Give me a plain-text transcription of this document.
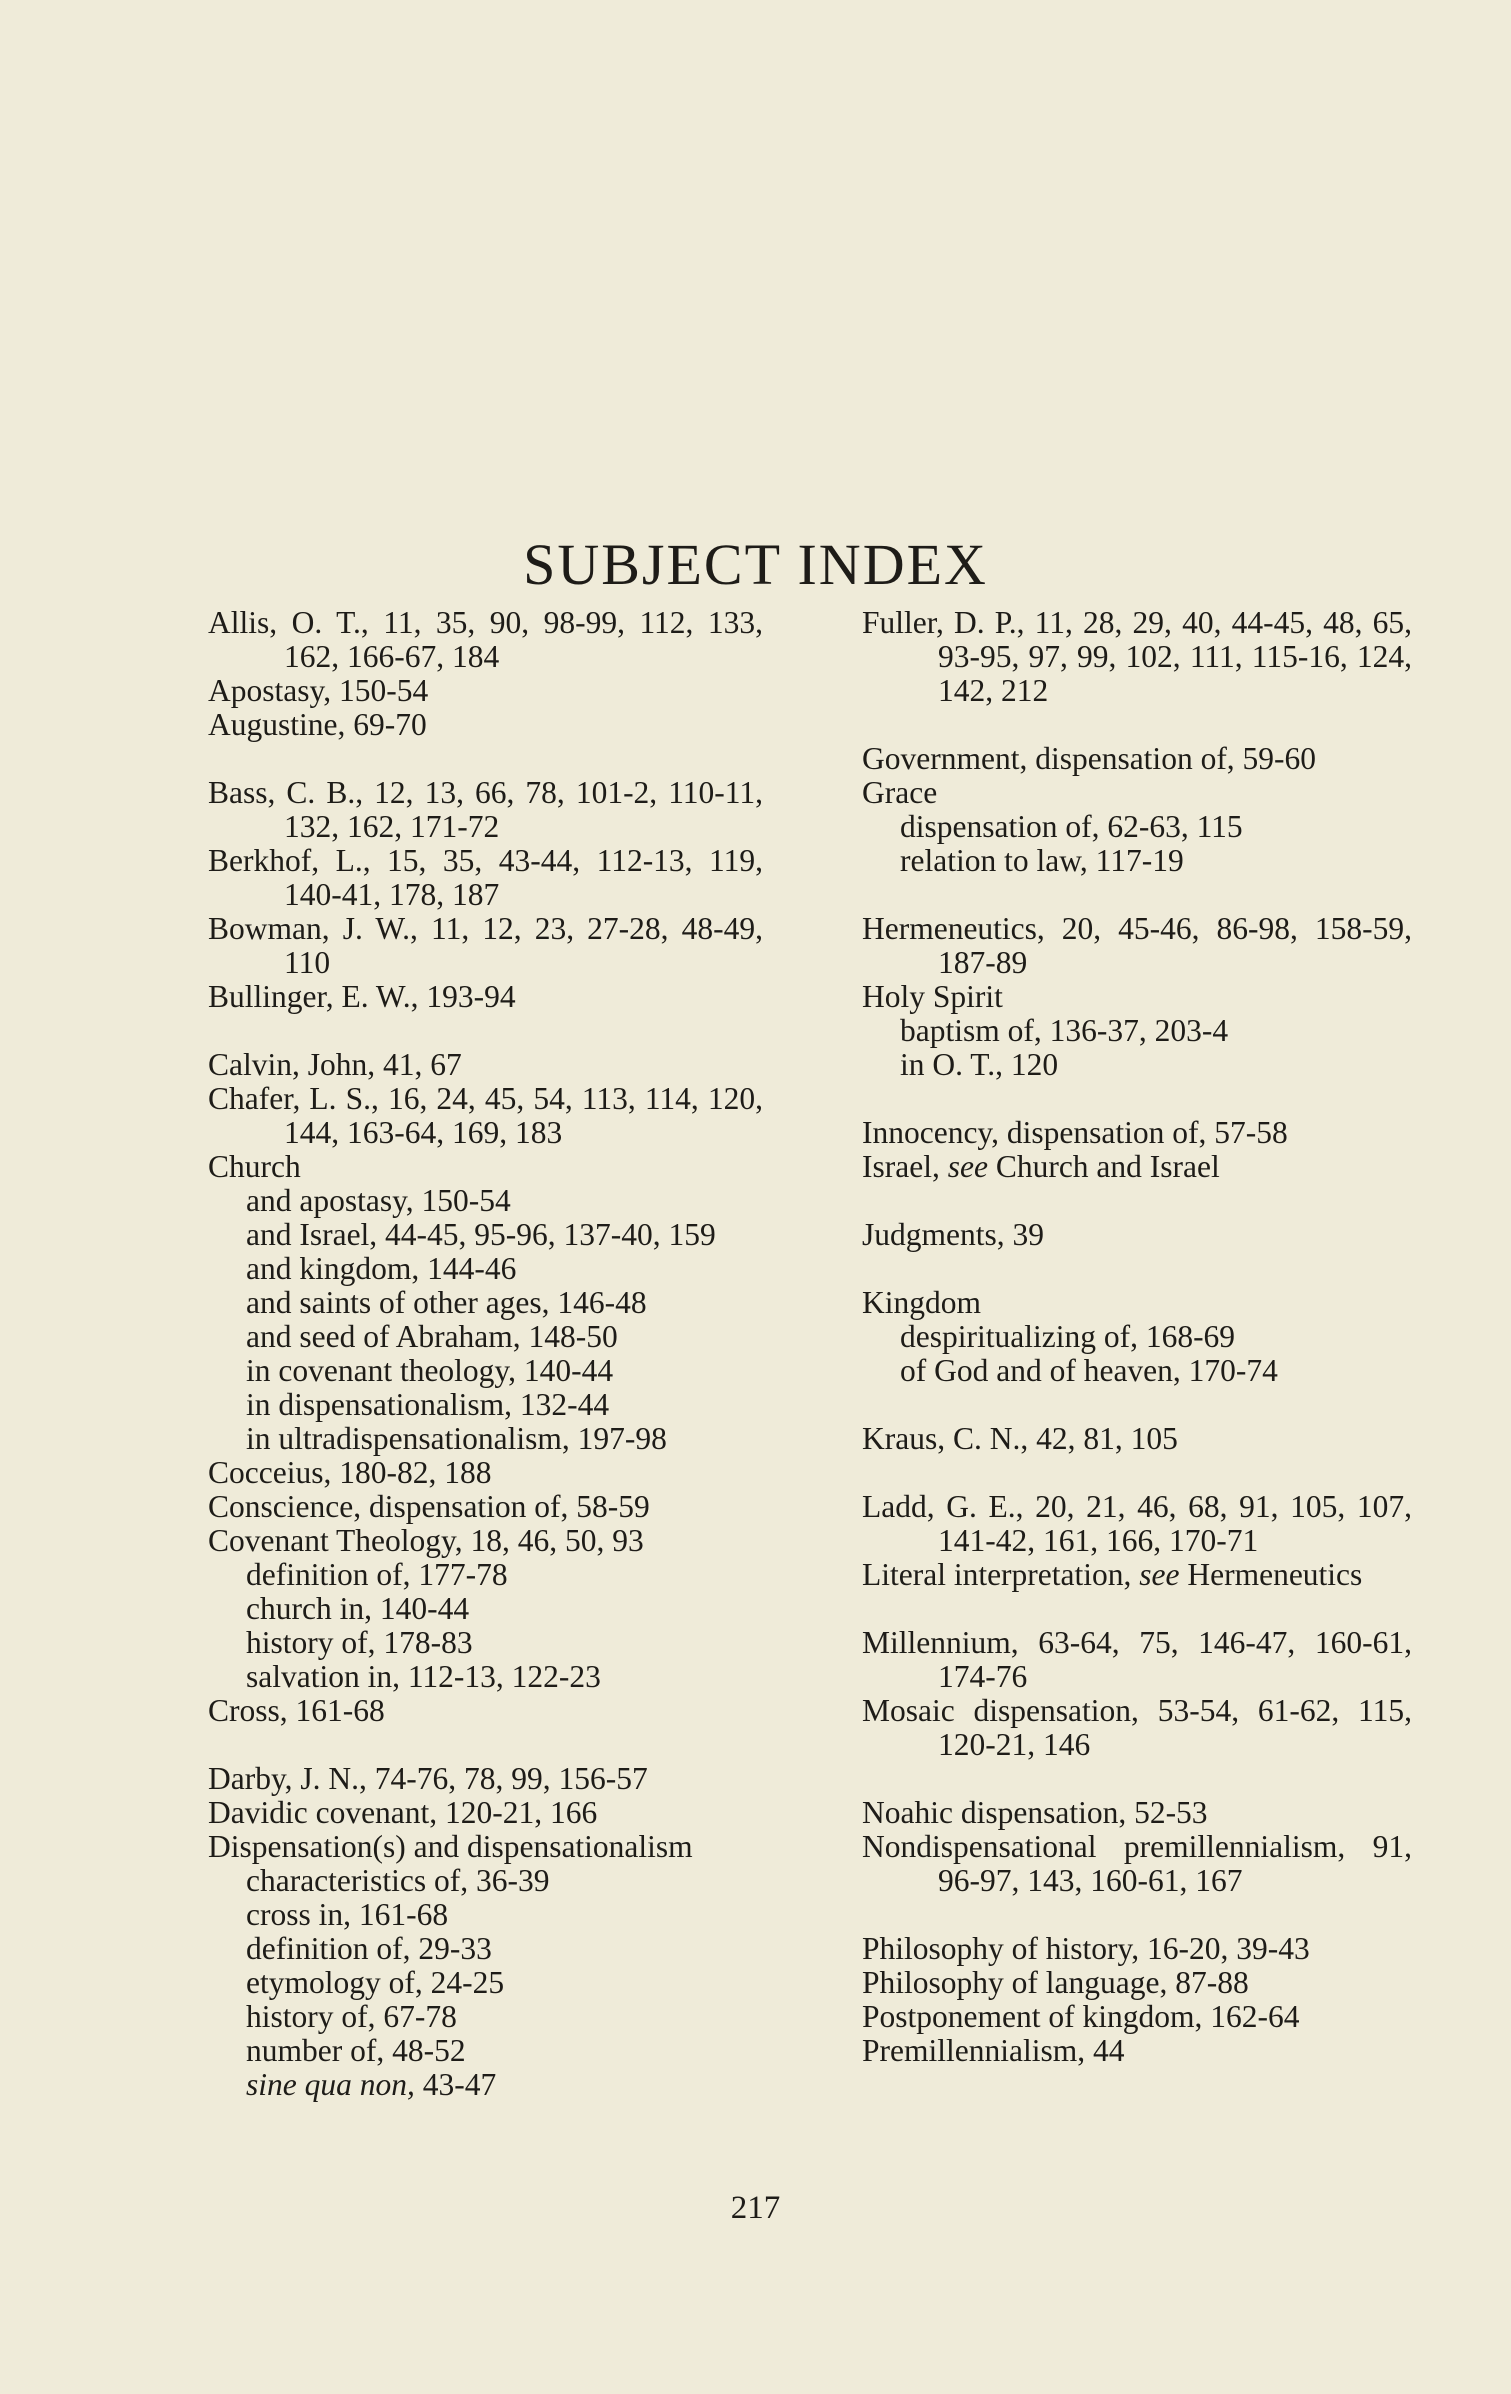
SUBJECT INDEX
Allis, O. T., 11, 35, 90, 98-99, 112, 133, 162, 166-67, 184
Apostasy, 150-54
Augustine, 69-70
Bass, C. B., 12, 13, 66, 78, 101-2, 110-11, 132, 162, 171-72
Berkhof, L., 15, 35, 43-44, 112-13, 119, 140-41, 178, 187
Bowman, J. W., 11, 12, 23, 27-28, 48-49, 110
Bullinger, E. W., 193-94
Calvin, John, 41, 67
Chafer, L. S., 16, 24, 45, 54, 113, 114, 120, 144, 163-64, 169, 183
Church
and apostasy, 150-54
and Israel, 44-45, 95-96, 137-40, 159
and kingdom, 144-46
and saints of other ages, 146-48
and seed of Abraham, 148-50
in covenant theology, 140-44
in dispensationalism, 132-44
in ultradispensationalism, 197-98
Cocceius, 180-82, 188
Conscience, dispensation of, 58-59
Covenant Theology, 18, 46, 50, 93
definition of, 177-78
church in, 140-44
history of, 178-83
salvation in, 112-13, 122-23
Cross, 161-68
Darby, J. N., 74-76, 78, 99, 156-57
Davidic covenant, 120-21, 166
Dispensation(s) and dispensationalism
characteristics of, 36-39
cross in, 161-68
definition of, 29-33
etymology of, 24-25
history of, 67-78
number of, 48-52
sine qua non, 43-47
Fuller, D. P., 11, 28, 29, 40, 44-45, 48, 65, 93-95, 97, 99, 102, 111, 115-16, 124, 142, 212
Government, dispensation of, 59-60
Grace
dispensation of, 62-63, 115
relation to law, 117-19
Hermeneutics, 20, 45-46, 86-98, 158-59, 187-89
Holy Spirit
baptism of, 136-37, 203-4
in O. T., 120
Innocency, dispensation of, 57-58
Israel, see Church and Israel
Judgments, 39
Kingdom
despiritualizing of, 168-69
of God and of heaven, 170-74
Kraus, C. N., 42, 81, 105
Ladd, G. E., 20, 21, 46, 68, 91, 105, 107, 141-42, 161, 166, 170-71
Literal interpretation, see Hermeneutics
Millennium, 63-64, 75, 146-47, 160-61, 174-76
Mosaic dispensation, 53-54, 61-62, 115, 120-21, 146
Noahic dispensation, 52-53
Nondispensational premillennialism, 91, 96-97, 143, 160-61, 167
Philosophy of history, 16-20, 39-43
Philosophy of language, 87-88
Postponement of kingdom, 162-64
Premillennialism, 44
217
